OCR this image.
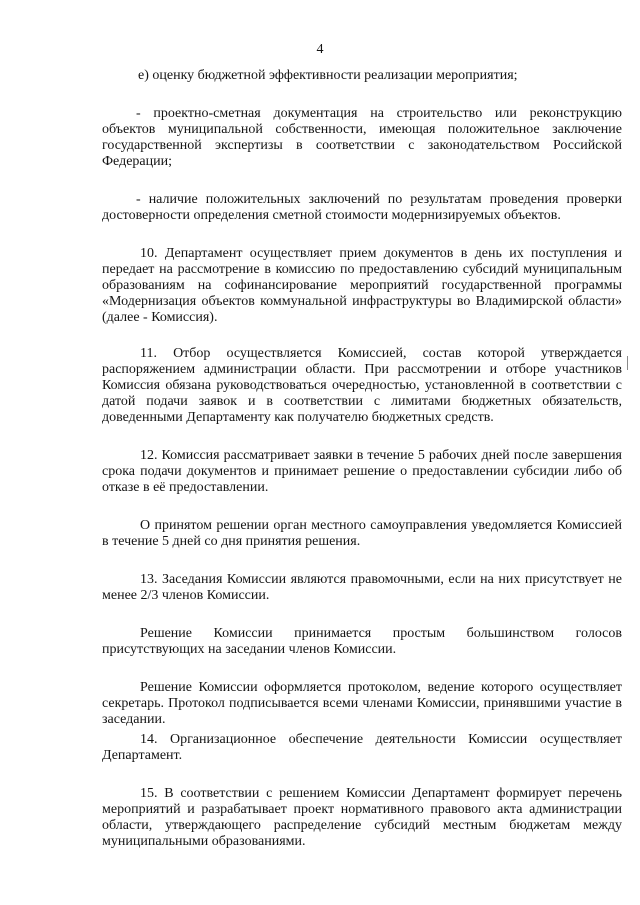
4

е) оценку бюджетной эффективности реализации мероприятия;

- проектно-сметная документация на строительство или реконструкцию объектов муниципальной собственности, имеющая положительное заключение государственной экспертизы в соответствии с законодательством Российской Федерации;

- наличие положительных заключений по результатам проведения проверки достоверности определения сметной стоимости модернизируемых объектов.

10. Департамент осуществляет прием документов в день их поступления и передает на рассмотрение в комиссию по предоставлению субсидий муниципальным образованиям на софинансирование мероприятий государственной программы «Модернизация объектов коммунальной инфраструктуры во Владимирской области» (далее - Комиссия).

11. Отбор осуществляется Комиссией, состав которой утверждается распоряжением администрации области. При рассмотрении и отборе участников Комиссия обязана руководствоваться очередностью, установленной в соответствии с датой подачи заявок и в соответствии с лимитами бюджетных обязательств, доведенными Департаменту как получателю бюджетных средств.

12. Комиссия рассматривает заявки в течение 5 рабочих дней после завершения срока подачи документов и принимает решение о предоставлении субсидии либо об отказе в её предоставлении.

О принятом решении орган местного самоуправления уведомляется Комиссией в течение 5 дней со дня принятия решения.

13. Заседания Комиссии являются правомочными, если на них присутствует не менее 2/3 членов Комиссии.

Решение Комиссии принимается простым большинством голосов присутствующих на заседании членов Комиссии.

Решение Комиссии оформляется протоколом, ведение которого осуществляет секретарь. Протокол подписывается всеми членами Комиссии, принявшими участие в заседании.

14. Организационное обеспечение деятельности Комиссии осуществляет Департамент.

15. В соответствии с решением Комиссии Департамент формирует перечень мероприятий и разрабатывает проект нормативного правового акта администрации области, утверждающего распределение субсидий местным бюджетам между муниципальными образованиями.
